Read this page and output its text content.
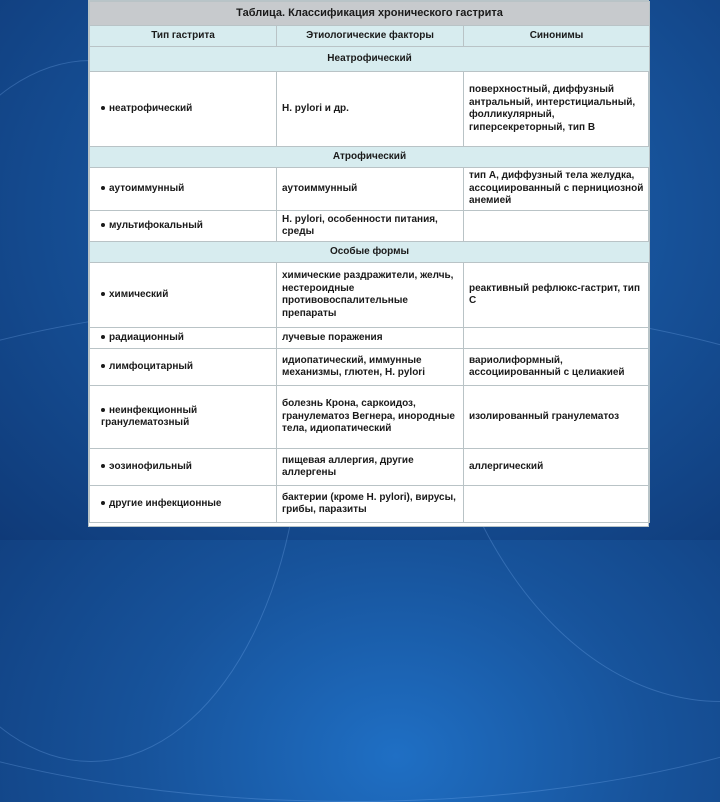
Таблица. Классификация хронического гастрита		
Тип гастрита	Этиологические факторы	Синонимы
Неатрофический		
неатрофический	H. pylori и др.	поверхностный, диффузный антральный, интерстициальный, фолликулярный, гиперсекреторный, тип В
Атрофический		
аутоиммунный	аутоиммунный	тип А, диффузный тела желудка, ассоциированный с пернициозной анемией
мультифокальный	H. pylori, особенности питания, среды	
Особые формы		
химический	химические раздражители, желчь, нестероидные противовоспалительные препараты	реактивный рефлюкс-гастрит, тип С
радиационный	лучевые поражения	
лимфоцитарный	идиопатический, иммунные механизмы, глютен, H. pylori	вариолиформный, ассоциированный с целиакией
неинфекционный гранулематозный	болезнь Крона, саркоидоз, гранулематоз Вегнера, инородные тела, идиопатический	изолированный гранулематоз
эозинофильный	пищевая аллергия, другие аллергены	аллергический
другие инфекционные	бактерии (кроме H. pylori), вирусы, грибы, паразиты	
